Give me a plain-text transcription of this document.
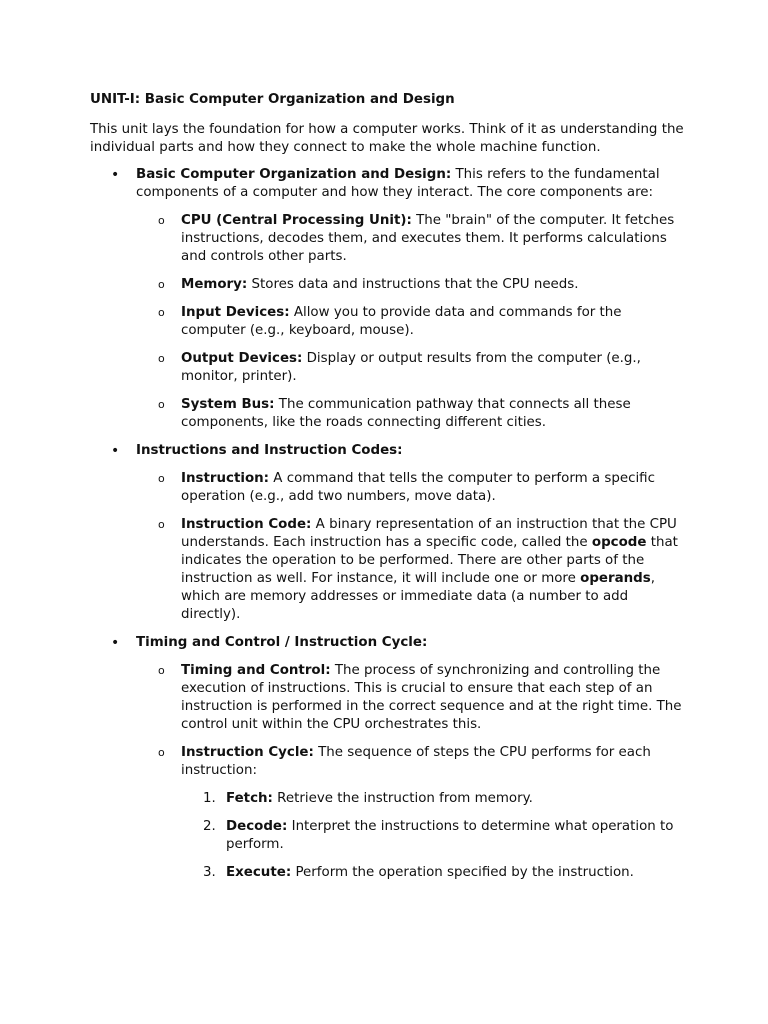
UNIT-I: Basic Computer Organization and Design
This unit lays the foundation for how a computer works. Think of it as understanding the individual parts and how they connect to make the whole machine function.
• Basic Computer Organization and Design: This refers to the fundamental components of a computer and how they interact. The core components are:
o CPU (Central Processing Unit): The "brain" of the computer. It fetches instructions, decodes them, and executes them. It performs calculations and controls other parts.
o Memory: Stores data and instructions that the CPU needs.
o Input Devices: Allow you to provide data and commands for the computer (e.g., keyboard, mouse).
o Output Devices: Display or output results from the computer (e.g., monitor, printer).
o System Bus: The communication pathway that connects all these components, like the roads connecting different cities.
• Instructions and Instruction Codes:
o Instruction: A command that tells the computer to perform a specific operation (e.g., add two numbers, move data).
o Instruction Code: A binary representation of an instruction that the CPU understands. Each instruction has a specific code, called the opcode that indicates the operation to be performed. There are other parts of the instruction as well. For instance, it will include one or more operands, which are memory addresses or immediate data (a number to add directly).
• Timing and Control / Instruction Cycle:
o Timing and Control: The process of synchronizing and controlling the execution of instructions. This is crucial to ensure that each step of an instruction is performed in the correct sequence and at the right time. The control unit within the CPU orchestrates this.
o Instruction Cycle: The sequence of steps the CPU performs for each instruction:
1. Fetch: Retrieve the instruction from memory.
2. Decode: Interpret the instructions to determine what operation to perform.
3. Execute: Perform the operation specified by the instruction.
